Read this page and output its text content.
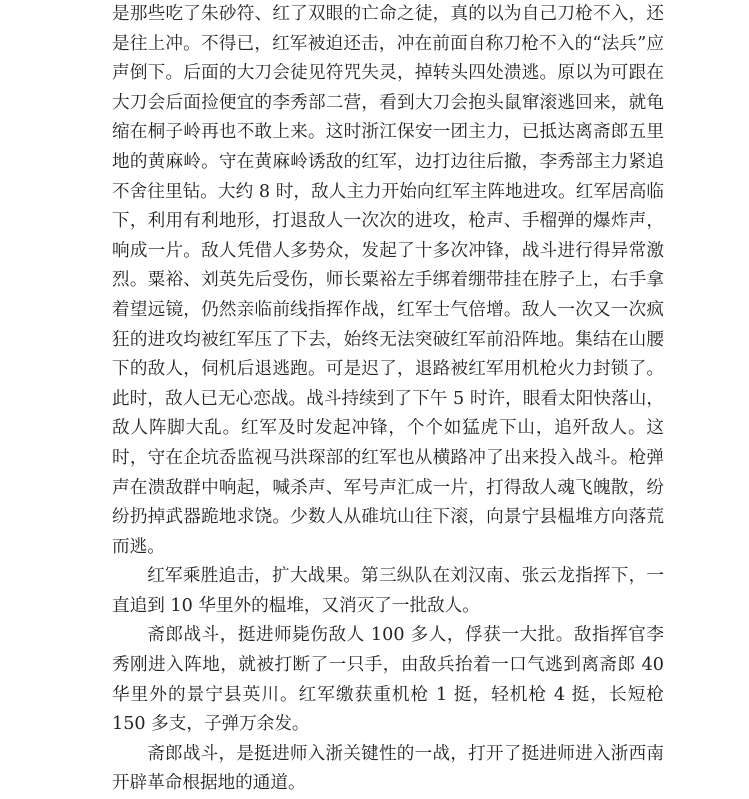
是那些吃了朱砂符、红了双眼的亡命之徒，真的以为自己刀枪不入，还是往上冲。不得已，红军被迫还击，冲在前面自称刀枪不入的“法兵”应声倒下。后面的大刀会徒见符咒失灵，掉转头四处溃逃。原以为可跟在大刀会后面捡便宜的李秀部二营，看到大刀会抱头鼠窜滚逃回来，就龟缩在桐子岭再也不敢上来。这时浙江保安一团主力，已抵达离斋郎五里地的黄麻岭。守在黄麻岭诱敌的红军，边打边往后撤，李秀部主力紧追不舍往里钻。大约 8 时，敌人主力开始向红军主阵地进攻。红军居高临下，利用有利地形，打退敌人一次次的进攻，枪声、手榴弹的爆炸声，响成一片。敌人凭借人多势众，发起了十多次冲锋，战斗进行得异常激烈。粟裕、刘英先后受伤，师长粟裕左手绑着绷带挂在脖子上，右手拿着望远镜，仍然亲临前线指挥作战，红军士气倍增。敌人一次又一次疯狂的进攻均被红军压了下去，始终无法突破红军前沿阵地。集结在山腰下的敌人，伺机后退逃跑。可是迟了，退路被红军用机枪火力封锁了。此时，敌人已无心恋战。战斗持续到了下午 5 时许，眼看太阳快落山，敌人阵脚大乱。红军及时发起冲锋，个个如猛虎下山，追歼敌人。这时，守在企坑岙监视马洪琛部的红军也从横路冲了出来投入战斗。枪弹声在溃敌群中响起，喊杀声、军号声汇成一片，打得敌人魂飞魄散，纷纷扔掉武器跪地求饶。少数人从碓坑山往下滚，向景宁县榅堆方向落荒而逃。

红军乘胜追击，扩大战果。第三纵队在刘汉南、张云龙指挥下，一直追到 10 华里外的榅堆，又消灭了一批敌人。

斋郎战斗，挺进师毙伤敌人 100 多人，俘获一大批。敌指挥官李秀刚进入阵地，就被打断了一只手，由敌兵抬着一口气逃到离斋郎 40 华里外的景宁县英川。红军缴获重机枪 1 挺，轻机枪 4 挺，长短枪 150 多支，子弹万余发。

斋郎战斗，是挺进师入浙关键性的一战，打开了挺进师进入浙西南开辟革命根据地的通道。
